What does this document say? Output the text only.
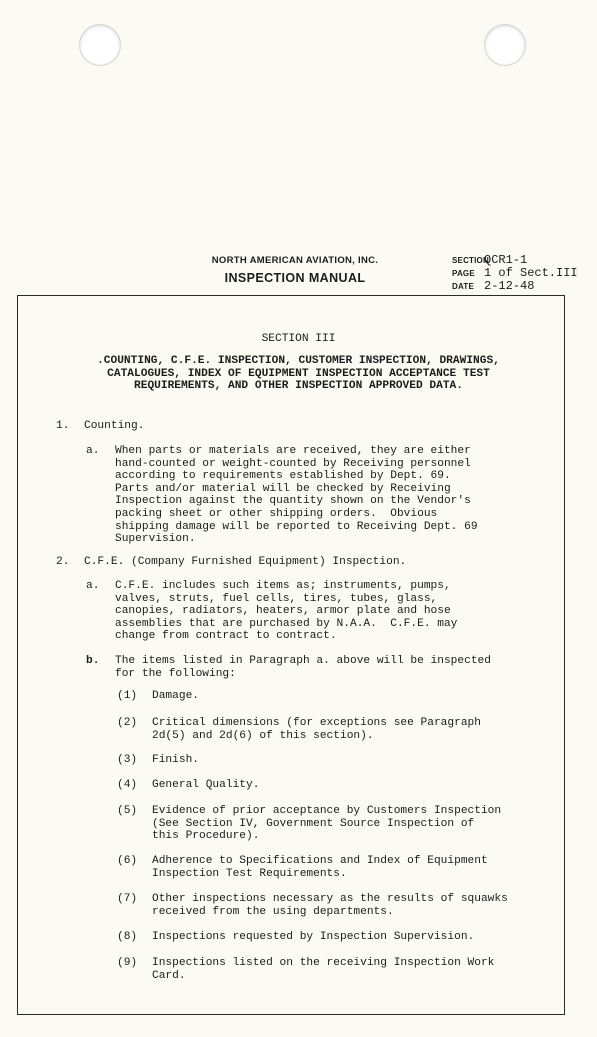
NORTH AMERICAN AVIATION, INC.
INSPECTION MANUAL
SECTION
QCR1-1
PAGE 1 of Sect.III
DATE 2-12-48
SECTION III
.COUNTING, C.F.E. INSPECTION, CUSTOMER INSPECTION, DRAWINGS,
CATALOGUES, INDEX OF EQUIPMENT INSPECTION ACCEPTANCE TEST
REQUIREMENTS, AND OTHER INSPECTION APPROVED DATA.
1. Counting.
a. When parts or materials are received, they are either
hand-counted or weight-counted by Receiving personnel
according to requirements established by Dept. 69.
Parts and/or material will be checked by Receiving
Inspection against the quantity shown on the Vendor's
packing sheet or other shipping orders.  Obvious
shipping damage will be reported to Receiving Dept. 69
Supervision.
2. C.F.E. (Company Furnished Equipment) Inspection.
a. C.F.E. includes such items as; instruments, pumps,
valves, struts, fuel cells, tires, tubes, glass,
canopies, radiators, heaters, armor plate and hose
assemblies that are purchased by N.A.A.  C.F.E. may
change from contract to contract.
b. The items listed in Paragraph a. above will be inspected
for the following:
(1) Damage.
(2) Critical dimensions (for exceptions see Paragraph
2d(5) and 2d(6) of this section).
(3) Finish.
(4) General Quality.
(5) Evidence of prior acceptance by Customers Inspection
(See Section IV, Government Source Inspection of
this Procedure).
(6) Adherence to Specifications and Index of Equipment
Inspection Test Requirements.
(7) Other inspections necessary as the results of squawks
received from the using departments.
(8) Inspections requested by Inspection Supervision.
(9) Inspections listed on the receiving Inspection Work
Card.
